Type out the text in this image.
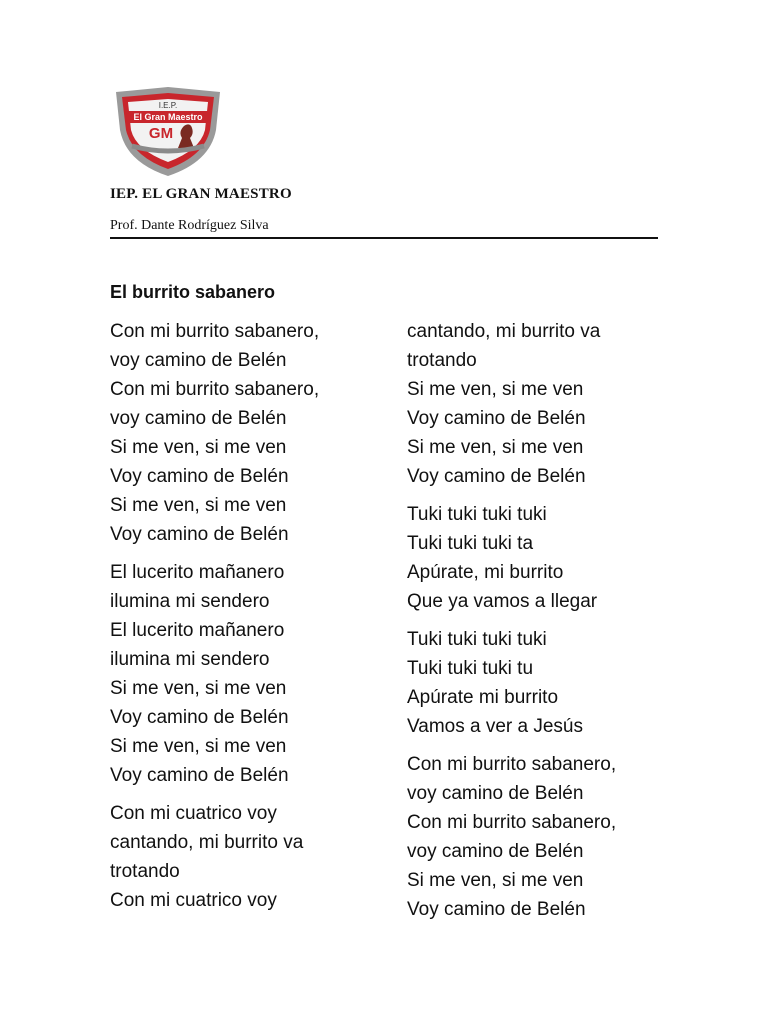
I.E.P.
El Gran Maestro
GM
IEP. EL GRAN MAESTRO
Prof. Dante Rodríguez Silva
El burrito sabanero
Con mi burrito sabanero,
voy camino de Belén
Con mi burrito sabanero,
voy camino de Belén
Si me ven, si me ven
Voy camino de Belén
Si me ven, si me ven
Voy camino de Belén
El lucerito mañanero
ilumina mi sendero
El lucerito mañanero
ilumina mi sendero
Si me ven, si me ven
Voy camino de Belén
Si me ven, si me ven
Voy camino de Belén
Con mi cuatrico voy
cantando, mi burrito va
trotando
Con mi cuatrico voy
cantando, mi burrito va
trotando
Si me ven, si me ven
Voy camino de Belén
Si me ven, si me ven
Voy camino de Belén
Tuki tuki tuki tuki
Tuki tuki tuki ta
Apúrate, mi burrito
Que ya vamos a llegar
Tuki tuki tuki tuki
Tuki tuki tuki tu
Apúrate mi burrito
Vamos a ver a Jesús
Con mi burrito sabanero,
voy camino de Belén
Con mi burrito sabanero,
voy camino de Belén
Si me ven, si me ven
Voy camino de Belén
